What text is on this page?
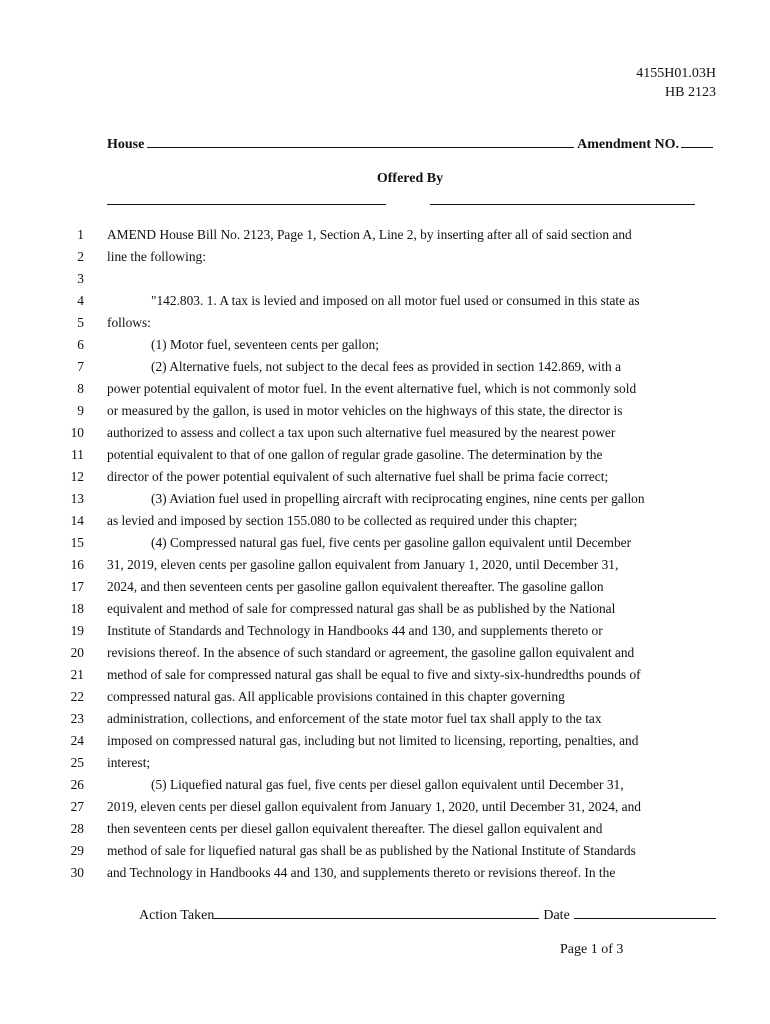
4155H01.03H
HB 2123
House	Amendment NO.
Offered By
1 AMEND House Bill No. 2123, Page 1, Section A, Line 2, by inserting after all of said section and
2 line the following:
3
4	"142.803. 1. A tax is levied and imposed on all motor fuel used or consumed in this state as
5 follows:
6	(1) Motor fuel, seventeen cents per gallon;
7	(2) Alternative fuels, not subject to the decal fees as provided in section 142.869, with a
8 power potential equivalent of motor fuel. In the event alternative fuel, which is not commonly sold
9 or measured by the gallon, is used in motor vehicles on the highways of this state, the director is
10 authorized to assess and collect a tax upon such alternative fuel measured by the nearest power
11 potential equivalent to that of one gallon of regular grade gasoline. The determination by the
12 director of the power potential equivalent of such alternative fuel shall be prima facie correct;
13	(3) Aviation fuel used in propelling aircraft with reciprocating engines, nine cents per gallon
14 as levied and imposed by section 155.080 to be collected as required under this chapter;
15	(4) Compressed natural gas fuel, five cents per gasoline gallon equivalent until December
16 31, 2019, eleven cents per gasoline gallon equivalent from January 1, 2020, until December 31,
17 2024, and then seventeen cents per gasoline gallon equivalent thereafter. The gasoline gallon
18 equivalent and method of sale for compressed natural gas shall be as published by the National
19 Institute of Standards and Technology in Handbooks 44 and 130, and supplements thereto or
20 revisions thereof. In the absence of such standard or agreement, the gasoline gallon equivalent and
21 method of sale for compressed natural gas shall be equal to five and sixty-six-hundredths pounds of
22 compressed natural gas. All applicable provisions contained in this chapter governing
23 administration, collections, and enforcement of the state motor fuel tax shall apply to the tax
24 imposed on compressed natural gas, including but not limited to licensing, reporting, penalties, and
25 interest;
26	(5) Liquefied natural gas fuel, five cents per diesel gallon equivalent until December 31,
27 2019, eleven cents per diesel gallon equivalent from January 1, 2020, until December 31, 2024, and
28 then seventeen cents per diesel gallon equivalent thereafter. The diesel gallon equivalent and
29 method of sale for liquefied natural gas shall be as published by the National Institute of Standards
30 and Technology in Handbooks 44 and 130, and supplements thereto or revisions thereof. In the
Action Taken	Date
Page 1 of 3
